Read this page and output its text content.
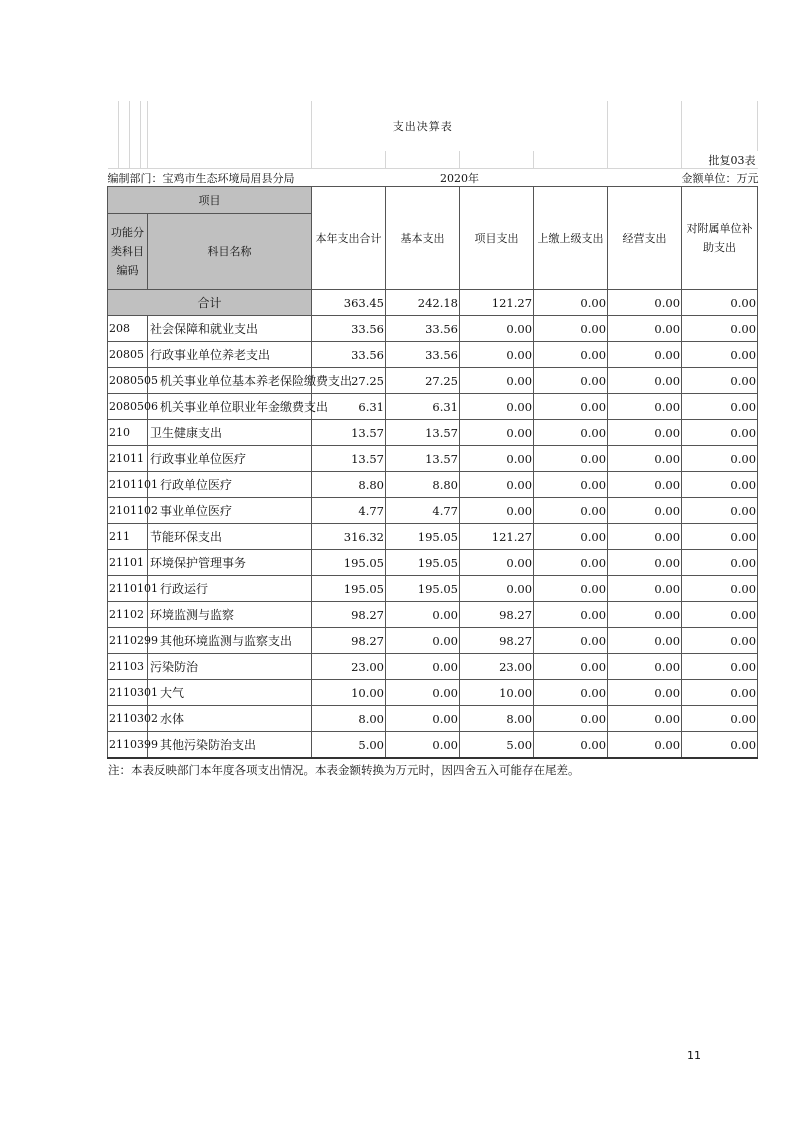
					支出决算表					
										批复03表
编制部门：宝鸡市生态环境局眉县分局						2020年				金额单位：万元
项目					本年支出合计	基本支出	项目支出	上缴上级支出	经营支出	对附属单位补助支出
功能分类科目编码				科目名称						
合计					363.45	242.18	121.27	0.00	0.00	0.00
208				社会保障和就业支出	33.56	33.56	0.00	0.00	0.00	0.00
20805				行政事业单位养老支出	33.56	33.56	0.00	0.00	0.00	0.00
2080505				机关事业单位基本养老保险缴费支出	27.25	27.25	0.00	0.00	0.00	0.00
2080506				机关事业单位职业年金缴费支出	6.31	6.31	0.00	0.00	0.00	0.00
210				卫生健康支出	13.57	13.57	0.00	0.00	0.00	0.00
21011				行政事业单位医疗	13.57	13.57	0.00	0.00	0.00	0.00
2101101				行政单位医疗	8.80	8.80	0.00	0.00	0.00	0.00
2101102				事业单位医疗	4.77	4.77	0.00	0.00	0.00	0.00
211				节能环保支出	316.32	195.05	121.27	0.00	0.00	0.00
21101				环境保护管理事务	195.05	195.05	0.00	0.00	0.00	0.00
2110101				行政运行	195.05	195.05	0.00	0.00	0.00	0.00
21102				环境监测与监察	98.27	0.00	98.27	0.00	0.00	0.00
2110299				其他环境监测与监察支出	98.27	0.00	98.27	0.00	0.00	0.00
21103				污染防治	23.00	0.00	23.00	0.00	0.00	0.00
2110301				大气	10.00	0.00	10.00	0.00	0.00	0.00
2110302				水体	8.00	0.00	8.00	0.00	0.00	0.00
2110399				其他污染防治支出	5.00	0.00	5.00	0.00	0.00	0.00
注：本表反映部门本年度各项支出情况。本表金额转换为万元时，因四舍五入可能存在尾差。
11
